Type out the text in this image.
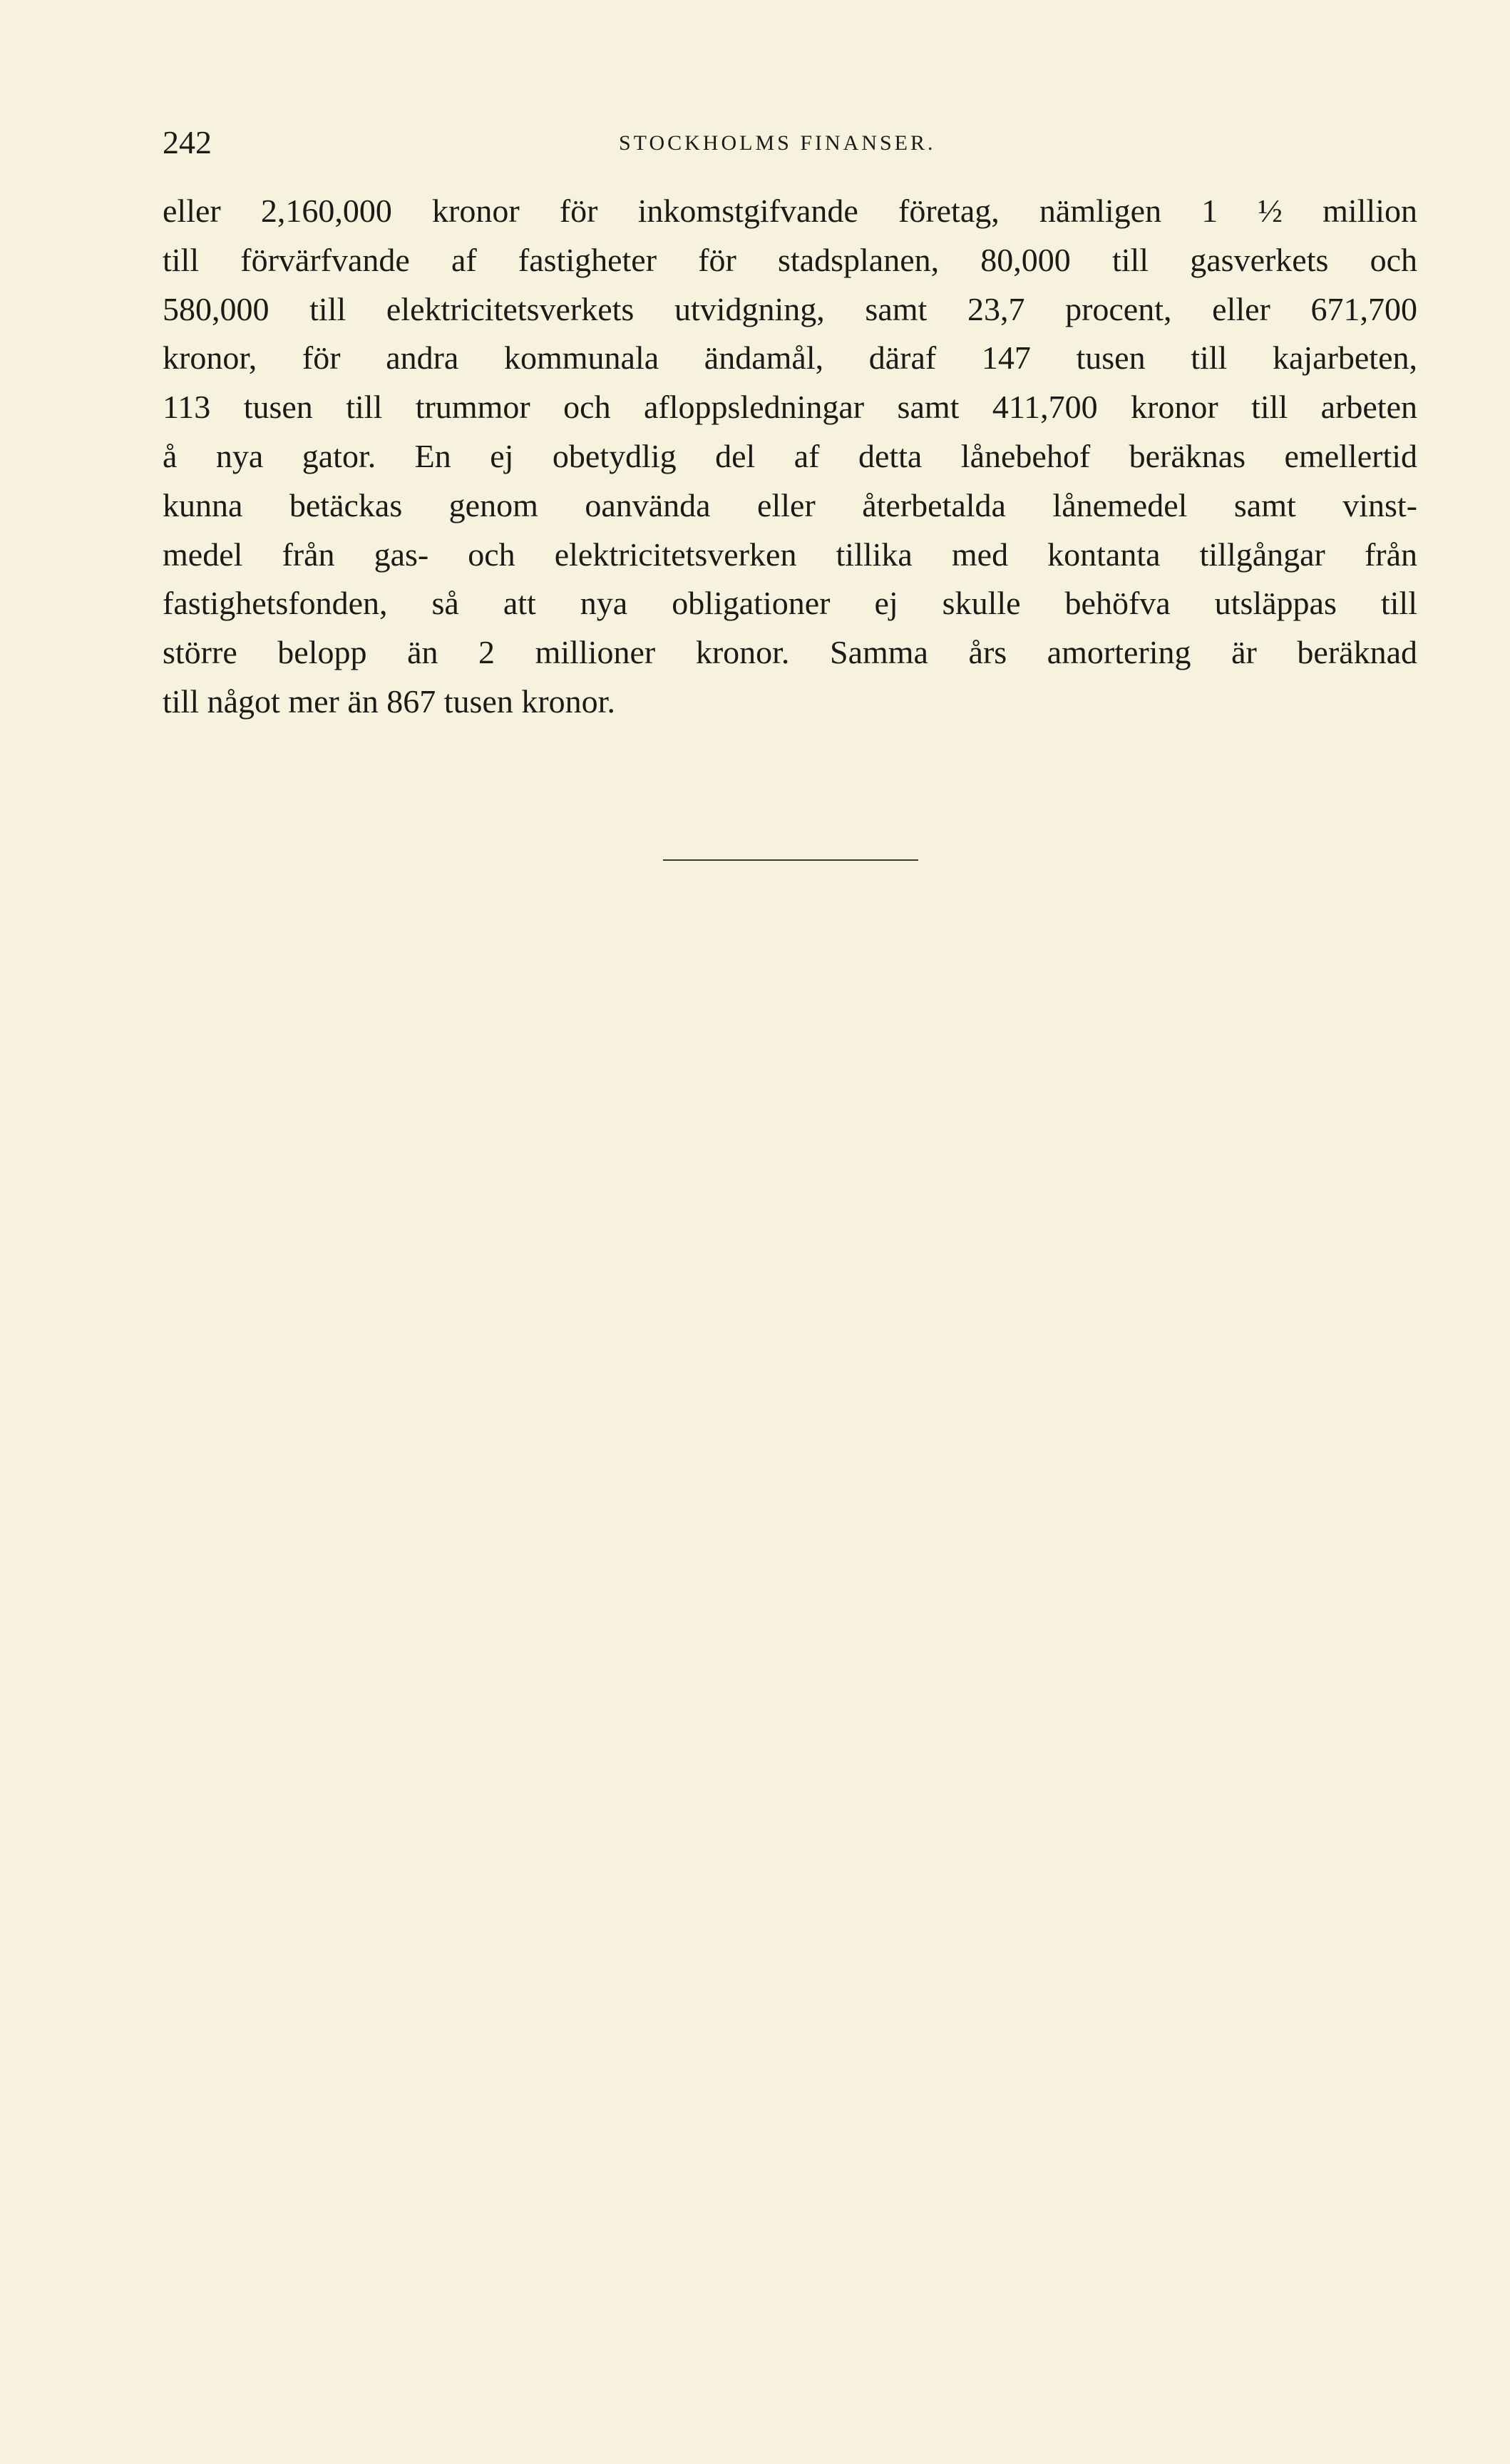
242	STOCKHOLMS FINANSER.
eller 2,160,000 kronor för inkomstgifvande företag, nämligen 1 ½ million
till förvärfvande af fastigheter för stadsplanen, 80,000 till gasverkets och
580,000 till elektricitetsverkets utvidgning, samt 23,7 procent, eller 671,700
kronor, för andra kommunala ändamål, däraf 147 tusen till kajarbeten,
113 tusen till trummor och afloppsledningar samt 411,700 kronor till arbeten
å nya gator. En ej obetydlig del af detta lånebehof beräknas emellertid
kunna betäckas genom oanvända eller återbetalda lånemedel samt vinst-
medel från gas- och elektricitetsverken tillika med kontanta tillgångar från
fastighetsfonden, så att nya obligationer ej skulle behöfva utsläppas till
större belopp än 2 millioner kronor. Samma års amortering är beräknad
till något mer än 867 tusen kronor.
